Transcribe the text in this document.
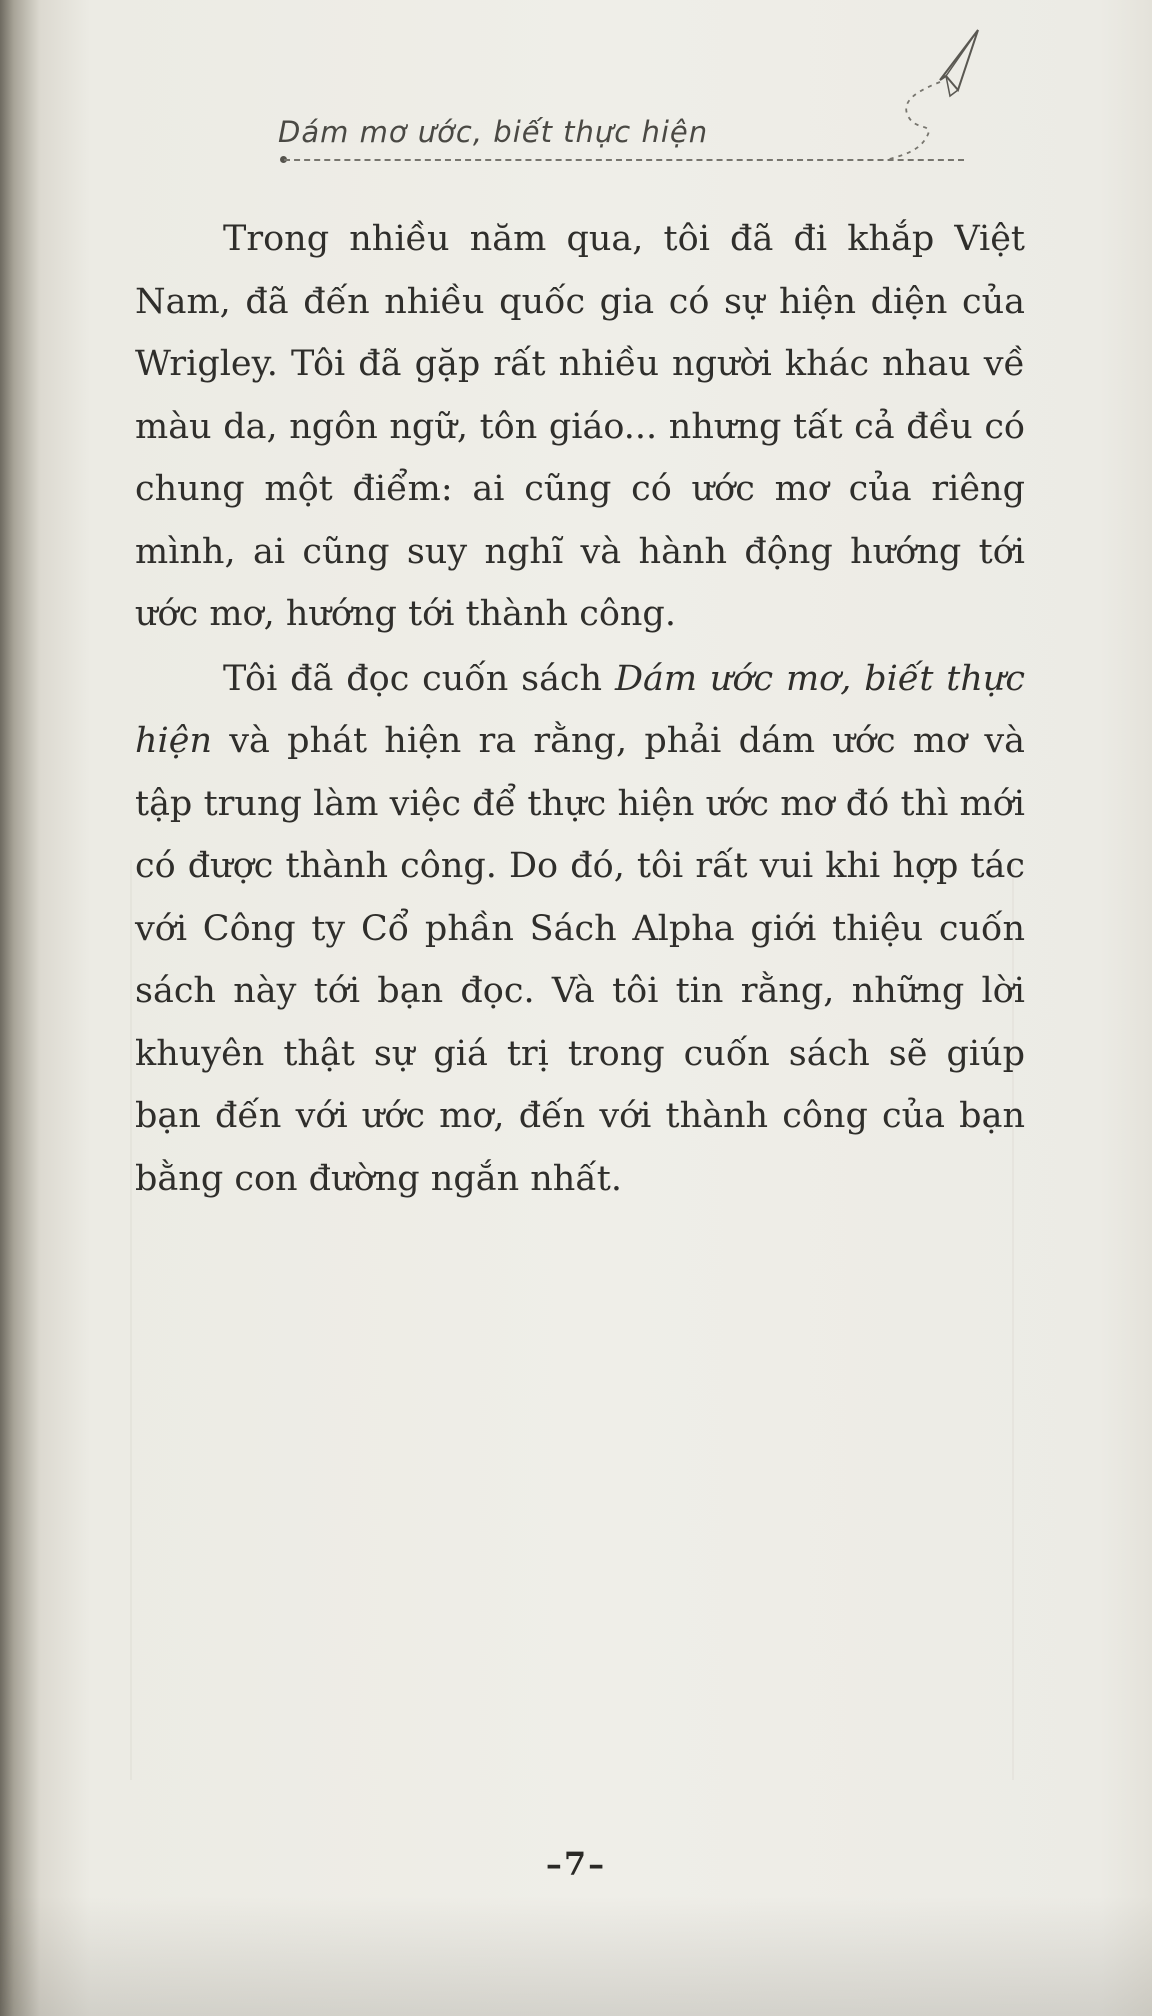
Dám mơ ước, biết thực hiện

Trong nhiều năm qua, tôi đã đi khắp Việt Nam, đã đến nhiều quốc gia có sự hiện diện của Wrigley. Tôi đã gặp rất nhiều người khác nhau về màu da, ngôn ngữ, tôn giáo... nhưng tất cả đều có chung một điểm: ai cũng có ước mơ của riêng mình, ai cũng suy nghĩ và hành động hướng tới ước mơ, hướng tới thành công.

Tôi đã đọc cuốn sách Dám ước mơ, biết thực hiện và phát hiện ra rằng, phải dám ước mơ và tập trung làm việc để thực hiện ước mơ đó thì mới có được thành công. Do đó, tôi rất vui khi hợp tác với Công ty Cổ phần Sách Alpha giới thiệu cuốn sách này tới bạn đọc. Và tôi tin rằng, những lời khuyên thật sự giá trị trong cuốn sách sẽ giúp bạn đến với ước mơ, đến với thành công của bạn bằng con đường ngắn nhất.

–7–
